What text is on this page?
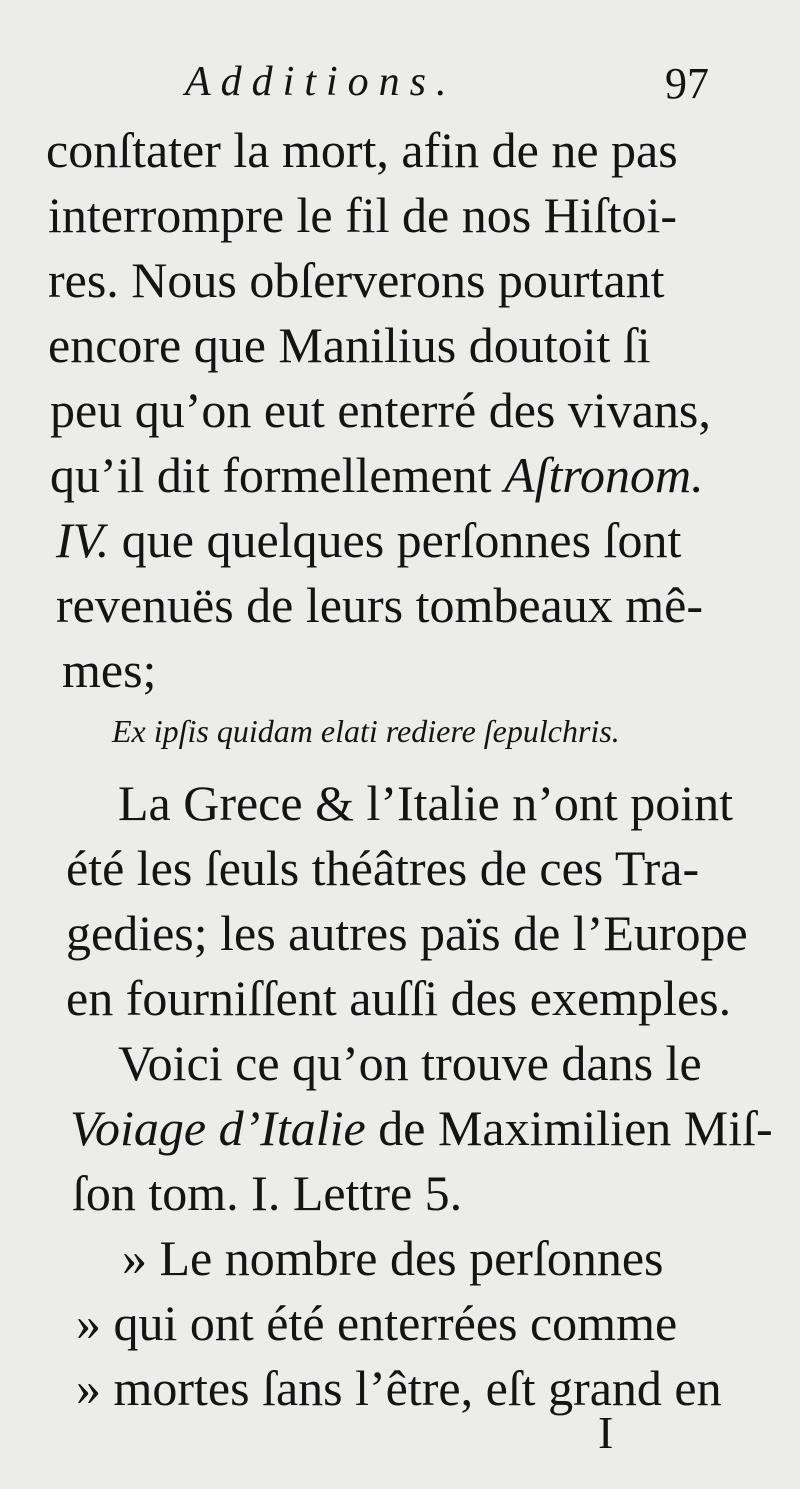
Additions.	97
conſtater la mort, afin de ne pas
interrompre le fil de nos Hiſtoi-
res. Nous obſerverons pourtant
encore que Manilius doutoit ſi
peu qu’on eut enterré des vivans,
qu’il dit formellement Aſtronom.
IV. que quelques perſonnes ſont
revenuës de leurs tombeaux mê-
mes;
Ex ipſis quidam elati rediere ſepulchris.
La Grece & l’Italie n’ont point
été les ſeuls théâtres de ces Tra-
gedies; les autres païs de l’Europe
en fourniſſent auſſi des exemples.
Voici ce qu’on trouve dans le
Voiage d’Italie de Maximilien Miſ-
ſon tom. I. Lettre 5.
» Le nombre des perſonnes
» qui ont été enterrées comme
» mortes ſans l’être, eſt grand en
I
